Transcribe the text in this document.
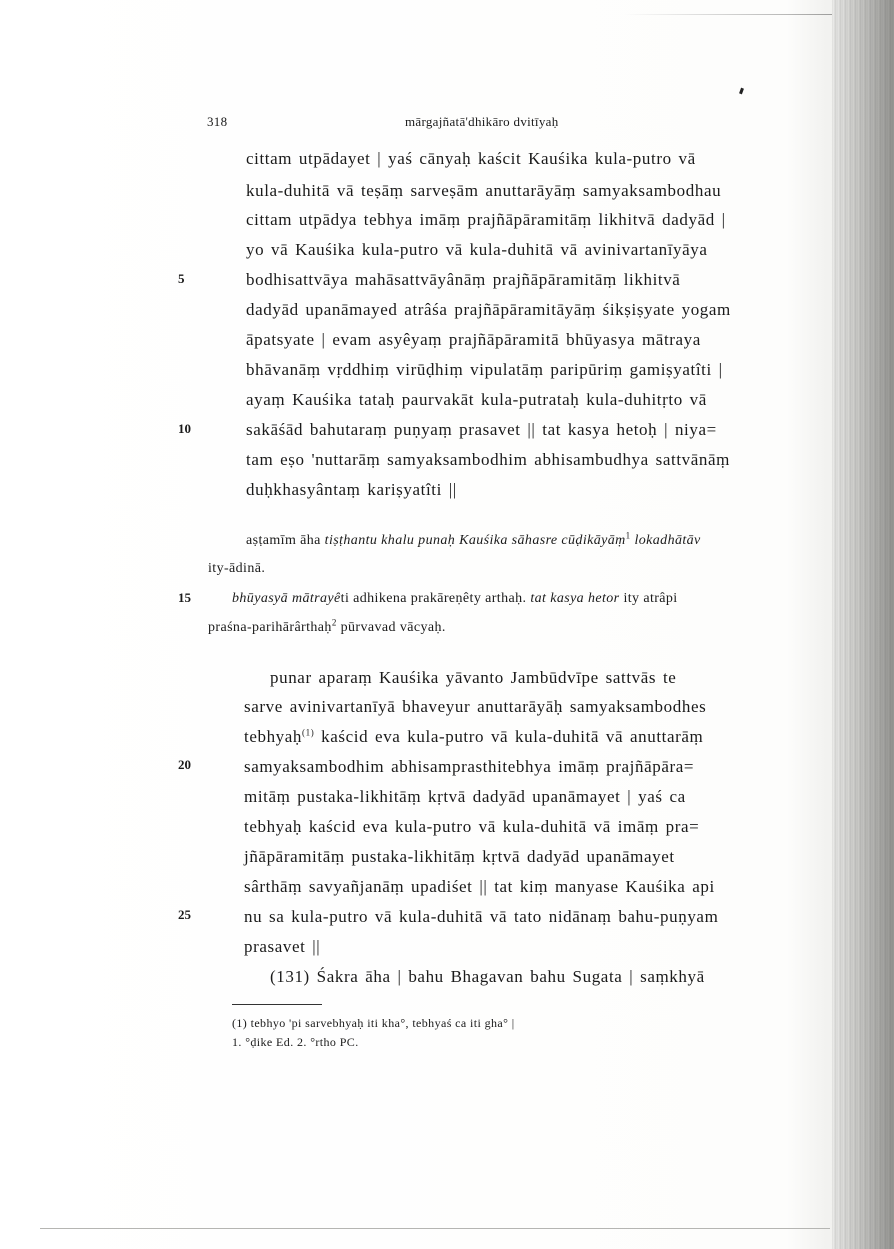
318	mārgajñatā'dhikāro dvitīyaḥ
cittam utpādayet | yaś cānyaḥ kaścit Kauśika kula-putro vā
kula-duhitā vā teṣāṃ sarveṣām anuttarāyāṃ samyaksambodhau
cittam utpādya tebhya imāṃ prajñāpāramitāṃ likhitvā dadyād |
yo vā Kauśika kula-putro vā kula-duhitā vā avinivartanīyāya
bodhisattvāya mahāsattvāyânāṃ prajñāpāramitāṃ likhitvā
dadyād upanāmayed atrâśa prajñāpāramitāyāṃ śikṣiṣyate yogam
āpatsyate | evam asyêyaṃ prajñāpāramitā bhūyasya mātraya
bhāvanāṃ vṛddhiṃ virūḍhiṃ vipulatāṃ paripūriṃ gamiṣyatîti |
ayaṃ Kauśika tataḥ paurvakāt kula-putrataḥ kula-duhitṛto vā
sakāśād bahutaraṃ puṇyaṃ prasavet || tat kasya hetoḥ | niya=
tam eṣo 'nuttarāṃ samyaksambodhim abhisambudhya sattvānāṃ
duḥkhasyântaṃ kariṣyatîti ||
aṣṭamīm āha tiṣṭhantu khalu punaḥ Kauśika sāhasre cūḍikāyāṃ$^1$ lokadhātāv
ity-ādinā.
bhūyasyā mātrayêti adhikena prakāreṇêty arthaḥ. tat kasya hetor ity atrâpi
praśna-parihārârthaḥ$^2$ pūrvavad vācyaḥ.
punar aparaṃ Kauśika yāvanto Jambūdvīpe sattvās te
sarve avinivartanīyā bhaveyur anuttarāyāḥ samyaksambodhes
tebhyaḥ$^{(1)}$ kaścid eva kula-putro vā kula-duhitā vā anuttarāṃ
samyaksambodhim abhisamprasthitebhya imāṃ prajñāpāra=
mitāṃ pustaka-likhitāṃ kṛtvā dadyād upanāmayet | yaś ca
tebhyaḥ kaścid eva kula-putro vā kula-duhitā vā imāṃ pra=
jñāpāramitāṃ pustaka-likhitāṃ kṛtvā dadyād upanāmayet
sârthāṃ savyañjanāṃ upadiśet || tat kiṃ manyase Kauśika api
nu sa kula-putro vā kula-duhitā vā tato nidānaṃ bahu-puṇyam
prasavet ||
(131) Śakra āha | bahu Bhagavan bahu Sugata | saṃkhyā
5
10
15
20
25
(1) tebhyo 'pi sarvebhyaḥ iti kha°, tebhyaś ca iti gha° |
1. °ḍike Ed. 2. °rtho PC.
